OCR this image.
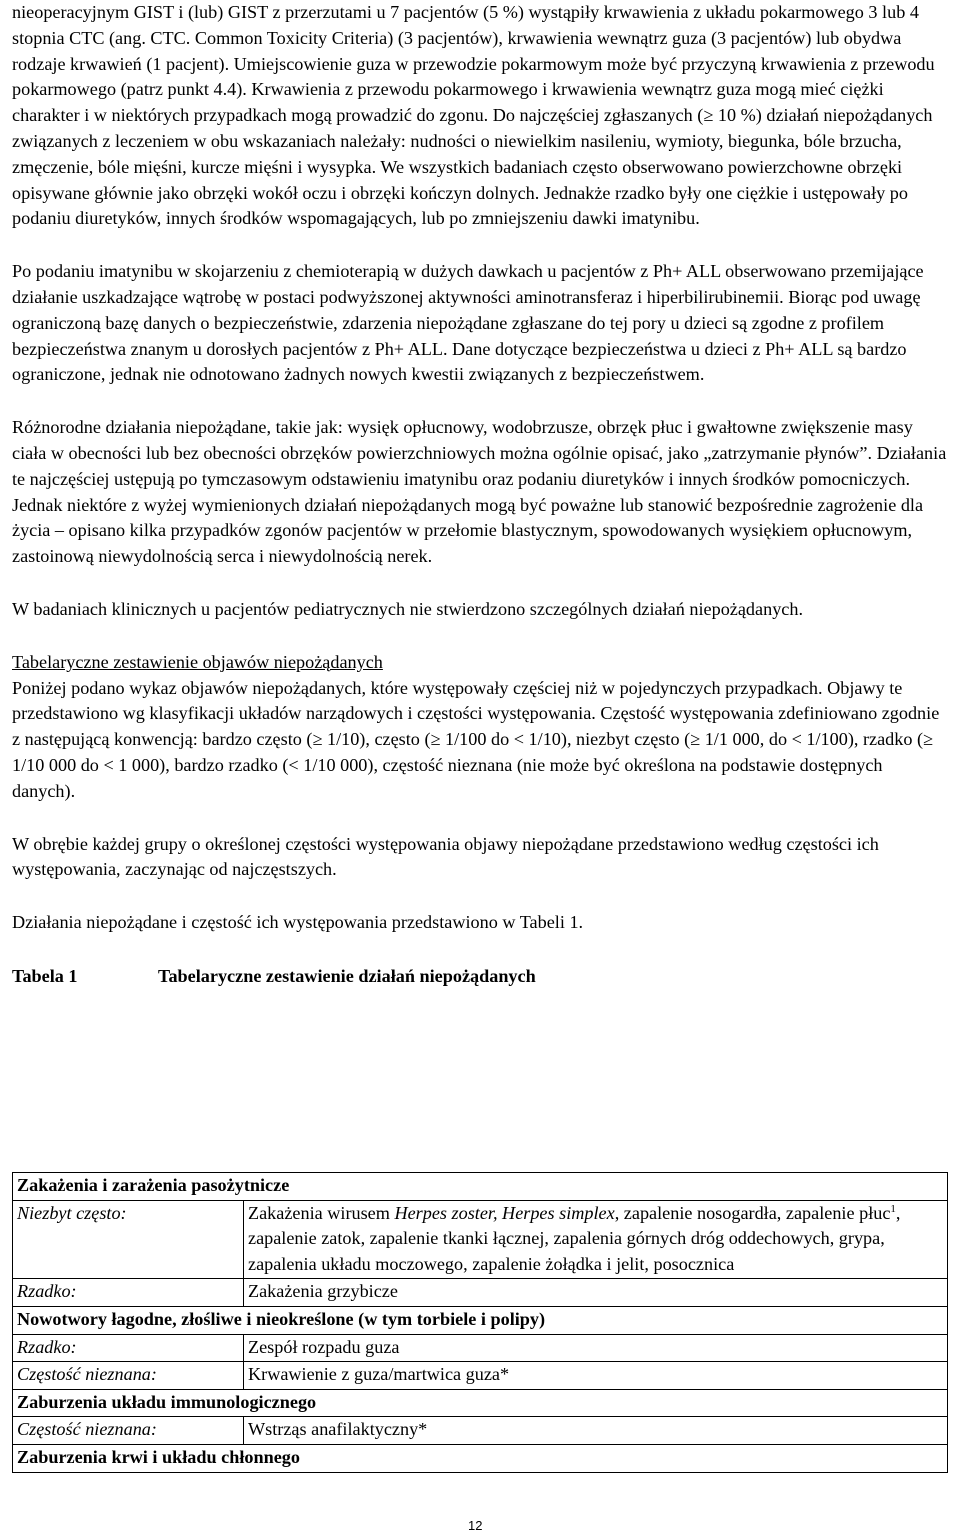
nieoperacyjnym GIST i (lub) GIST z przerzutami u 7 pacjentów (5 %) wystąpiły krwawienia z układu pokarmowego 3 lub 4 stopnia CTC (ang. CTC. Common Toxicity Criteria) (3 pacjentów), krwawienia wewnątrz guza (3 pacjentów) lub obydwa rodzaje krwawień (1 pacjent). Umiejscowienie guza w przewodzie pokarmowym może być przyczyną krwawienia z przewodu pokarmowego (patrz punkt 4.4). Krwawienia z przewodu pokarmowego i krwawienia wewnątrz guza mogą mieć ciężki charakter i w niektórych przypadkach mogą prowadzić do zgonu. Do najczęściej zgłaszanych (≥ 10 %) działań niepożądanych związanych z leczeniem w obu wskazaniach należały: nudności o niewielkim nasileniu, wymioty, biegunka, bóle brzucha, zmęczenie, bóle mięśni, kurcze mięśni i wysypka. We wszystkich badaniach często obserwowano powierzchowne obrzęki opisywane głównie jako obrzęki wokół oczu i obrzęki kończyn dolnych. Jednakże rzadko były one ciężkie i ustępowały po podaniu diuretyków, innych środków wspomagających, lub po zmniejszeniu dawki imatynibu.

Po podaniu imatynibu w skojarzeniu z chemioterapią w dużych dawkach u pacjentów z Ph+ ALL obserwowano przemijające działanie uszkadzające wątrobę w postaci podwyższonej aktywności aminotransferaz i hiperbilirubinemii. Biorąc pod uwagę ograniczoną bazę danych o bezpieczeństwie, zdarzenia niepożądane zgłaszane do tej pory u dzieci są zgodne z profilem bezpieczeństwa znanym u dorosłych pacjentów z Ph+ ALL. Dane dotyczące bezpieczeństwa u dzieci z Ph+ ALL są bardzo ograniczone, jednak nie odnotowano żadnych nowych kwestii związanych z bezpieczeństwem.

Różnorodne działania niepożądane, takie jak: wysięk opłucnowy, wodobrzusze, obrzęk płuc i gwałtowne zwiększenie masy ciała w obecności lub bez obecności obrzęków powierzchniowych można ogólnie opisać, jako „zatrzymanie płynów”. Działania te najczęściej ustępują po tymczasowym odstawieniu imatynibu oraz podaniu diuretyków i innych środków pomocniczych. Jednak niektóre z wyżej wymienionych działań niepożądanych mogą być poważne lub stanowić bezpośrednie zagrożenie dla życia – opisano kilka przypadków zgonów pacjentów w przełomie blastycznym, spowodowanych wysiękiem opłucnowym, zastoinową niewydolnością serca i niewydolnością nerek.

W badaniach klinicznych u pacjentów pediatrycznych nie stwierdzono szczególnych działań niepożądanych.

Tabelaryczne zestawienie objawów niepożądanych

Poniżej podano wykaz objawów niepożądanych, które występowały częściej niż w pojedynczych przypadkach. Objawy te przedstawiono wg klasyfikacji układów narządowych i częstości występowania. Częstość występowania zdefiniowano zgodnie z następującą konwencją: bardzo często (≥ 1/10), często (≥ 1/100 do < 1/10), niezbyt często (≥ 1/1 000, do < 1/100), rzadko (≥ 1/10 000 do < 1 000), bardzo rzadko (< 1/10 000), częstość nieznana (nie może być określona na podstawie dostępnych danych).

W obrębie każdej grupy o określonej częstości występowania objawy niepożądane przedstawiono według częstości ich występowania, zaczynając od najczęstszych.

Działania niepożądane i częstość ich występowania przedstawiono w Tabeli 1.

Tabela 1	Tabelaryczne zestawienie działań niepożądanych
Zakażenia i zarażenia pasożytnicze	
Niezbyt często:	Zakażenia wirusem Herpes zoster, Herpes simplex, zapalenie nosogardła, zapalenie płuc$^1$, zapalenie zatok, zapalenie tkanki łącznej, zapalenia górnych dróg oddechowych, grypa, zapalenia układu moczowego, zapalenie żołądka i jelit, posocznica
Rzadko:	Zakażenia grzybicze
Nowotwory łagodne, złośliwe i nieokreślone (w tym torbiele i polipy)	
Rzadko:	Zespół rozpadu guza
Częstość nieznana:	Krwawienie z guza/martwica guza*
Zaburzenia układu immunologicznego	
Częstość nieznana:	Wstrząs anafilaktyczny*
Zaburzenia krwi i układu chłonnego	
12
